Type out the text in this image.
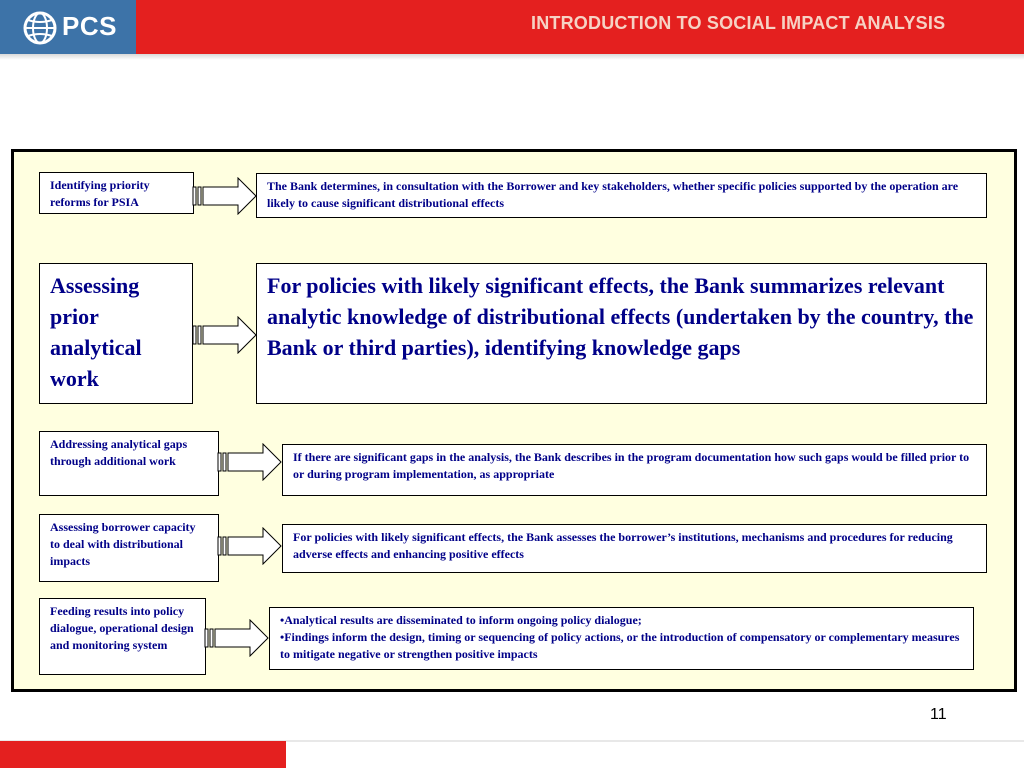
PCS	INTRODUCTION TO SOCIAL IMPACT ANALYSIS
Identifying priority reforms for PSIA
The Bank determines, in consultation with the Borrower and key stakeholders, whether specific policies supported by the operation are likely to cause significant distributional effects
Assessing prior analytical work
For policies with likely significant effects, the Bank summarizes relevant analytic knowledge of distributional effects (undertaken by the country, the Bank or third parties), identifying knowledge gaps
Addressing analytical gaps through additional work	If there are significant gaps in the analysis, the Bank describes in the program documentation how such gaps would be filled prior to or during program implementation, as appropriate
Assessing borrower capacity to deal with distributional impacts
For policies with likely significant effects, the Bank assesses the borrower’s institutions, mechanisms and procedures for reducing adverse effects and enhancing positive effects
Feeding results into policy dialogue, operational design and monitoring system
•Analytical results are disseminated to inform ongoing policy dialogue;
•Findings inform the design, timing or sequencing of policy actions, or the introduction of compensatory or complementary measures to mitigate negative or strengthen positive impacts
11
